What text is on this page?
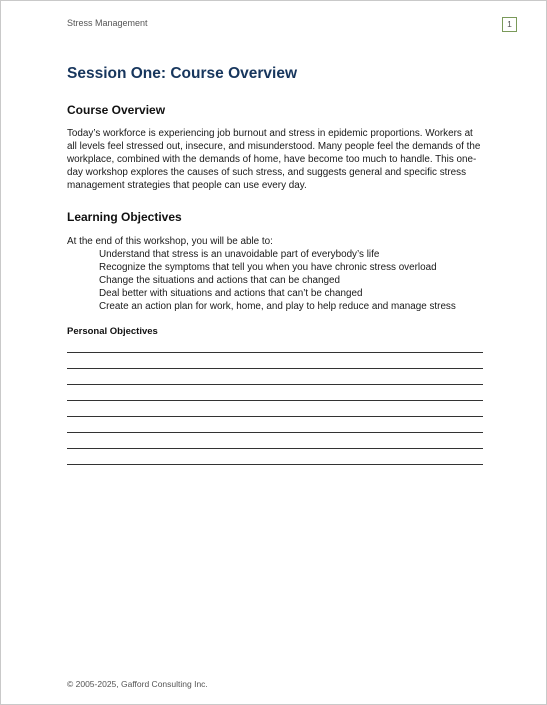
Stress Management	1
Session One: Course Overview
Course Overview

Today’s workforce is experiencing job burnout and stress in epidemic proportions. Workers at
all levels feel stressed out, insecure, and misunderstood. Many people feel the demands of the
workplace, combined with the demands of home, have become too much to handle. This one-
day workshop explores the causes of such stress, and suggests general and specific stress
management strategies that people can use every day.

Learning Objectives

At the end of this workshop, you will be able to:

Understand that stress is an unavoidable part of everybody’s life
Recognize the symptoms that tell you when you have chronic stress overload
Change the situations and actions that can be changed
Deal better with situations and actions that can’t be changed
Create an action plan for work, home, and play to help reduce and manage stress
Personal Objectives
© 2005-2025, Gafford Consulting Inc.
